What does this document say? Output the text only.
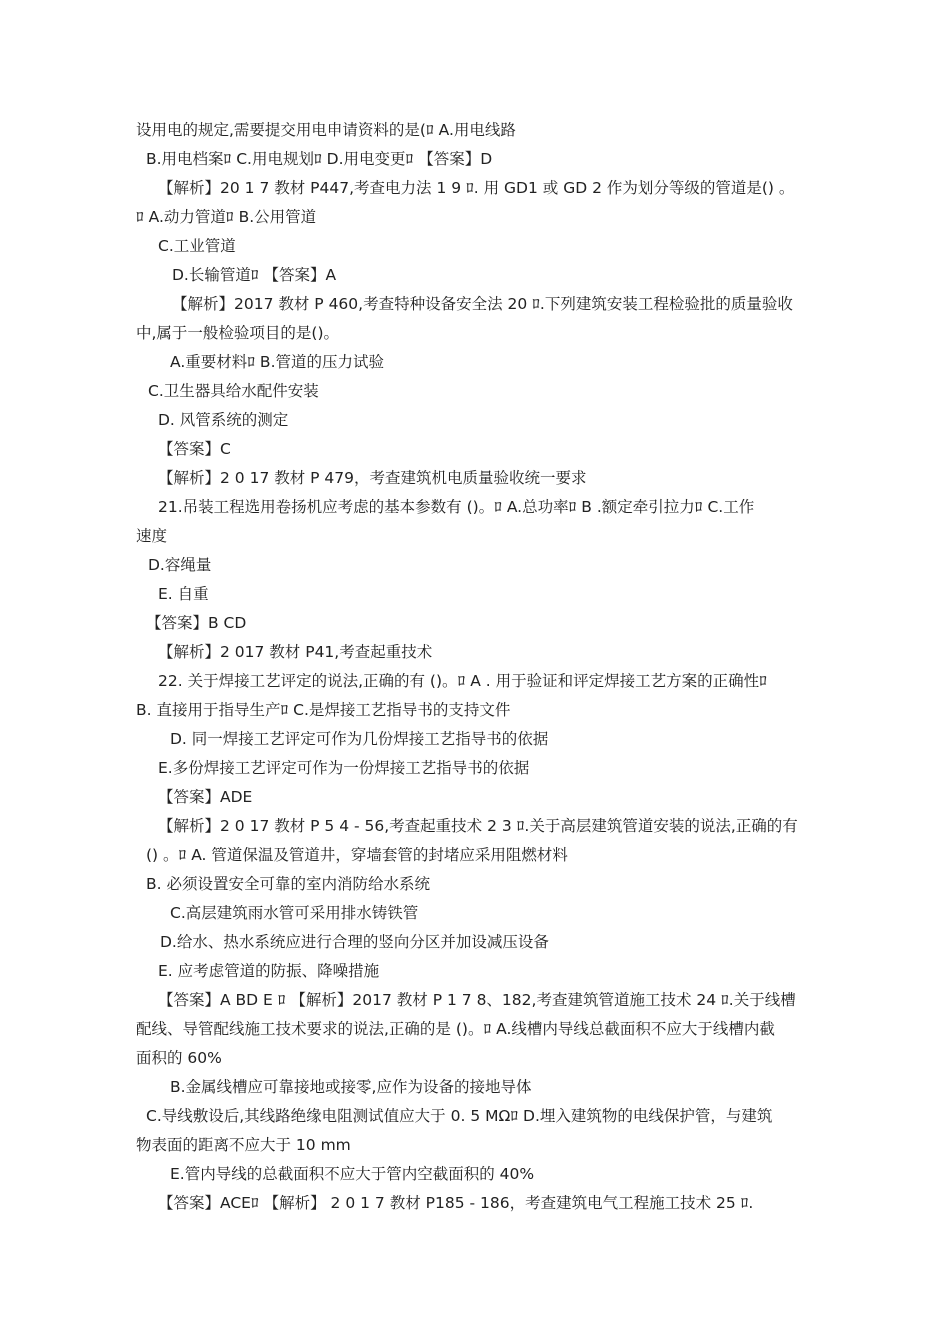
设用电的规定,需要提交用电申请资料的是(⁠ﾛ A.用电线路
B.用电档案ﾛ C.用电规划ﾛ D.用电变更ﾛ 【答案】D
【解析】20 1 7 教材 P447,考查电力法 1 9 ﾛ. 用 GD1 或 GD 2 作为划分等级的管道是() 。
ﾛ A.动力管道ﾛ B.公用管道
C.工业管道
D.长输管道ﾛ 【答案】A
【解析】2017 教材 P 460,考查特种设备安全法 20 ﾛ.下列建筑安装工程检验批的质量验收
中,属于一般检验项目的是()。
A.重要材料ﾛ B.管道的压力试验
C.卫生器具给水配件安装
D. 风管系统的测定
【答案】C
【解析】2 0 17 教材 P 479，考查建筑机电质量验收统一要求
21.吊装工程选用卷扬机应考虑的基本参数有 ()。ﾛ A.总功率ﾛ B .额定牵引拉力ﾛ C.工作
速度
D.容绳量
E. 自重
【答案】B CD
【解析】2 017 教材 P41,考查起重技术
22. 关于焊接工艺评定的说法,正确的有 ()。ﾛ A . 用于验证和评定焊接工艺方案的正确性ﾛ
B. 直接用于指导生产ﾛ C.是焊接工艺指导书的支持文件
D. 同一焊接工艺评定可作为几份焊接工艺指导书的依据
E.多份焊接工艺评定可作为一份焊接工艺指导书的依据
【答案】ADE
【解析】2 0 17 教材 P 5 4 - 56,考查起重技术 2 3 ﾛ.关于高层建筑管道安装的说法,正确的有
() 。ﾛ A. 管道保温及管道井，穿墙套管的封堵应采用阻燃材料
B. 必须设置安全可靠的室内消防给水系统
C.高层建筑雨水管可采用排水铸铁管
D.给水、热水系统应进行合理的竖向分区并加设减压设备
E. 应考虑管道的防振、降噪措施
【答案】A BD E ﾛ 【解析】2017 教材 P 1 7 8、182,考查建筑管道施工技术 24 ﾛ.关于线槽
配线、导管配线施工技术要求的说法,正确的是 ()。ﾛ A.线槽内导线总截面积不应大于线槽内截
面积的 60%
B.金属线槽应可靠接地或接零,应作为设备的接地导体
C.导线敷设后,其线路绝缘电阻测试值应大于 0. 5 MΩﾛ D.埋入建筑物的电线保护管，与建筑
物表面的距离不应大于 10 mm
E.管内导线的总截面积不应大于管内空截面积的 40%
【答案】ACEﾛ 【解析】 2 0 1 7 教材 P185 - 186，考查建筑电气工程施工技术 25 ﾛ.
